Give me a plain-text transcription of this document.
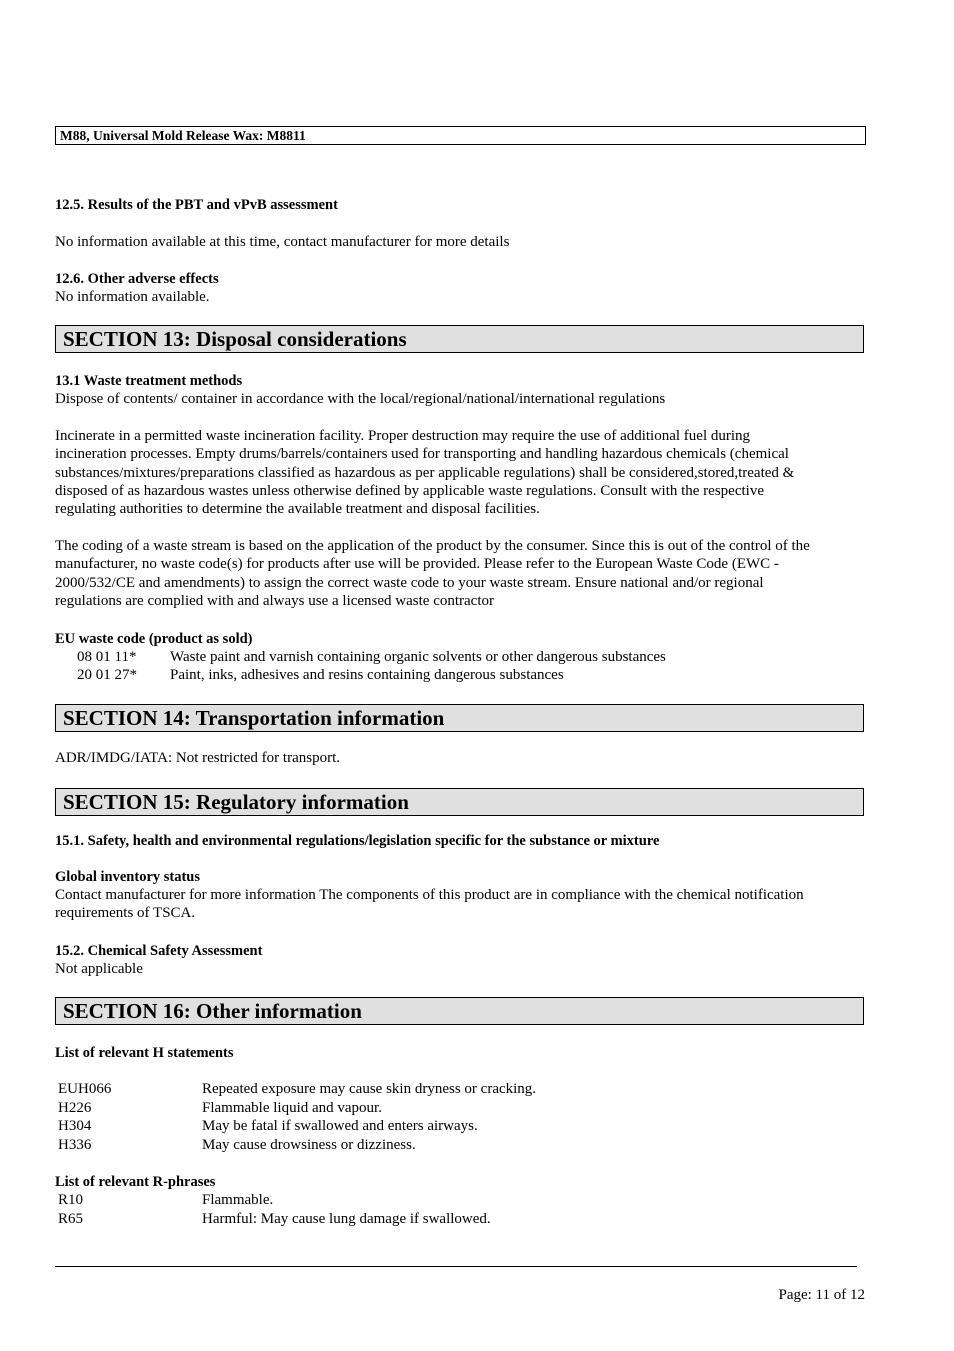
M88, Universal Mold Release Wax: M8811
12.5. Results of the PBT and vPvB assessment
No information available at this time, contact manufacturer for more details
12.6. Other adverse effects
No information available.
SECTION 13: Disposal considerations
13.1 Waste treatment methods
Dispose of contents/ container in accordance with the local/regional/national/international regulations
Incinerate in a permitted waste incineration facility. Proper destruction may require the use of additional fuel during
incineration processes. Empty drums/barrels/containers used for transporting and handling hazardous chemicals (chemical
substances/mixtures/preparations classified as hazardous as per applicable regulations) shall be considered,stored,treated &
disposed of as hazardous wastes unless otherwise defined by applicable waste regulations. Consult with the respective
regulating authorities to determine the available treatment and disposal facilities.
The coding of a waste stream is based on the application of the product by the consumer. Since this is out of the control of the
manufacturer, no waste code(s) for products after use will be provided. Please refer to the European Waste Code (EWC -
2000/532/CE and amendments) to assign the correct waste code to your waste stream. Ensure national and/or regional
regulations are complied with and always use a licensed waste contractor
EU waste code (product as sold)
08 01 11* Waste paint and varnish containing organic solvents or other dangerous substances
20 01 27* Paint, inks, adhesives and resins containing dangerous substances
SECTION 14: Transportation information
ADR/IMDG/IATA: Not restricted for transport.
SECTION 15: Regulatory information
15.1. Safety, health and environmental regulations/legislation specific for the substance or mixture
Global inventory status
Contact manufacturer for more information The components of this product are in compliance with the chemical notification
requirements of TSCA.
15.2. Chemical Safety Assessment
Not applicable
SECTION 16: Other information
List of relevant H statements
EUH066	Repeated exposure may cause skin dryness or cracking.
H226	Flammable liquid and vapour.
H304	May be fatal if swallowed and enters airways.
H336	May cause drowsiness or dizziness.
List of relevant R-phrases
R10	Flammable.
R65	Harmful: May cause lung damage if swallowed.
Page: 11 of 12
